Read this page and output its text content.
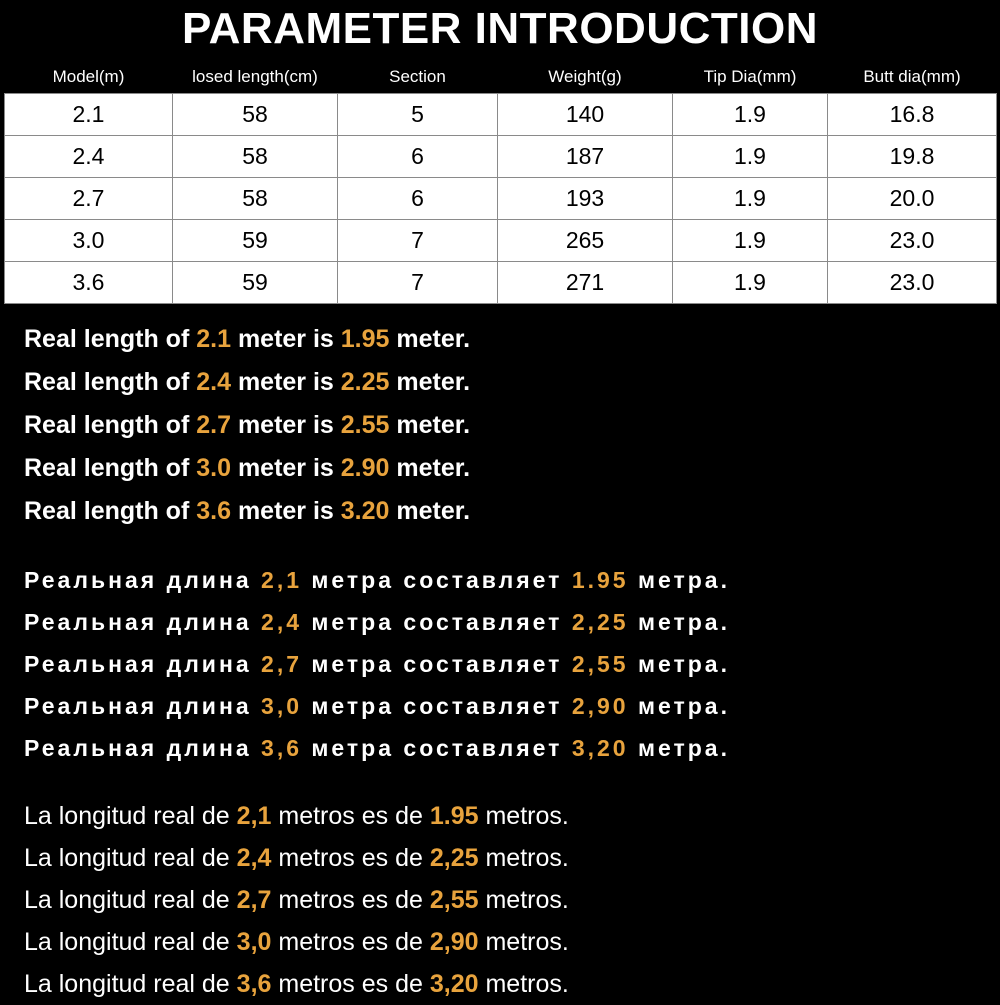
PARAMETER INTRODUCTION
Model(m)	losed length(cm)	Section	Weight(g)	Tip Dia(mm)	Butt dia(mm)
2.1	58	5	140	1.9	16.8
2.4	58	6	187	1.9	19.8
2.7	58	6	193	1.9	20.0
3.0	59	7	265	1.9	23.0
3.6	59	7	271	1.9	23.0
Real length of 2.1 meter is 1.95 meter.
Real length of 2.4 meter is 2.25 meter.
Real length of 2.7 meter is 2.55 meter.
Real length of 3.0 meter is 2.90 meter.
Real length of 3.6 meter is 3.20 meter.
Реальная длина 2,1 метра составляет 1.95 метра.
Реальная длина 2,4 метра составляет 2,25 метра.
Реальная длина 2,7 метра составляет 2,55 метра.
Реальная длина 3,0 метра составляет 2,90 метра.
Реальная длина 3,6 метра составляет 3,20 метра.
La longitud real de 2,1 metros es de 1.95 metros.
La longitud real de 2,4 metros es de 2,25 metros.
La longitud real de 2,7 metros es de 2,55 metros.
La longitud real de 3,0 metros es de 2,90 metros.
La longitud real de 3,6 metros es de 3,20 metros.
